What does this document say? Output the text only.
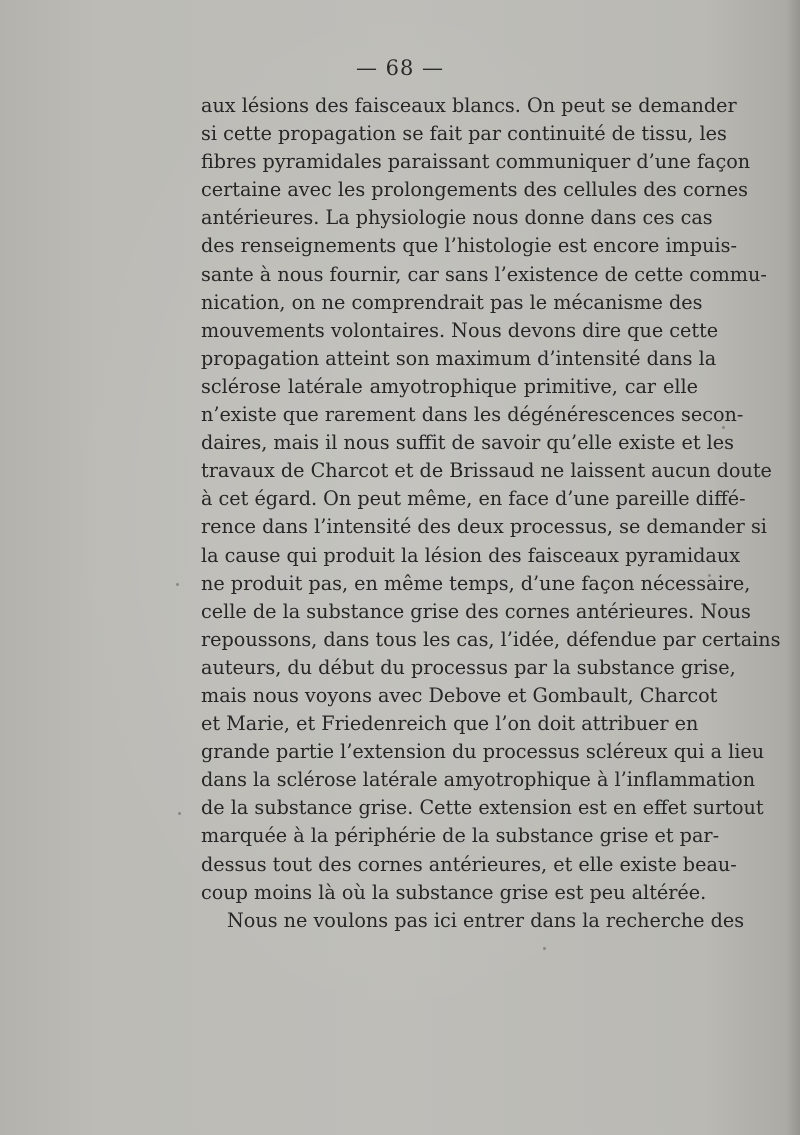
— 68 —
aux lésions des faisceaux blancs. On peut se demander
si cette propagation se fait par continuité de tissu, les
fibres pyramidales paraissant communiquer d’une façon
certaine avec les prolongements des cellules des cornes
antérieures. La physiologie nous donne dans ces cas
des renseignements que l’histologie est encore impuis-
sante à nous fournir, car sans l’existence de cette commu-
nication, on ne comprendrait pas le mécanisme des
mouvements volontaires. Nous devons dire que cette
propagation atteint son maximum d’intensité dans la
sclérose latérale amyotrophique primitive, car elle
n’existe que rarement dans les dégénérescences secon-
daires, mais il nous suffit de savoir qu’elle existe et les
travaux de Charcot et de Brissaud ne laissent aucun doute
à cet égard. On peut même, en face d’une pareille diffé-
rence dans l’intensité des deux processus, se demander si
la cause qui produit la lésion des faisceaux pyramidaux
ne produit pas, en même temps, d’une façon nécessaire,
celle de la substance grise des cornes antérieures. Nous
repoussons, dans tous les cas, l’idée, défendue par certains
auteurs, du début du processus par la substance grise,
mais nous voyons avec Debove et Gombault, Charcot
et Marie, et Friedenreich que l’on doit attribuer en
grande partie l’extension du processus scléreux qui a lieu
dans la sclérose latérale amyotrophique à l’inflammation
de la substance grise. Cette extension est en effet surtout
marquée à la périphérie de la substance grise et par-
dessus tout des cornes antérieures, et elle existe beau-
coup moins là où la substance grise est peu altérée.
Nous ne voulons pas ici entrer dans la recherche des
